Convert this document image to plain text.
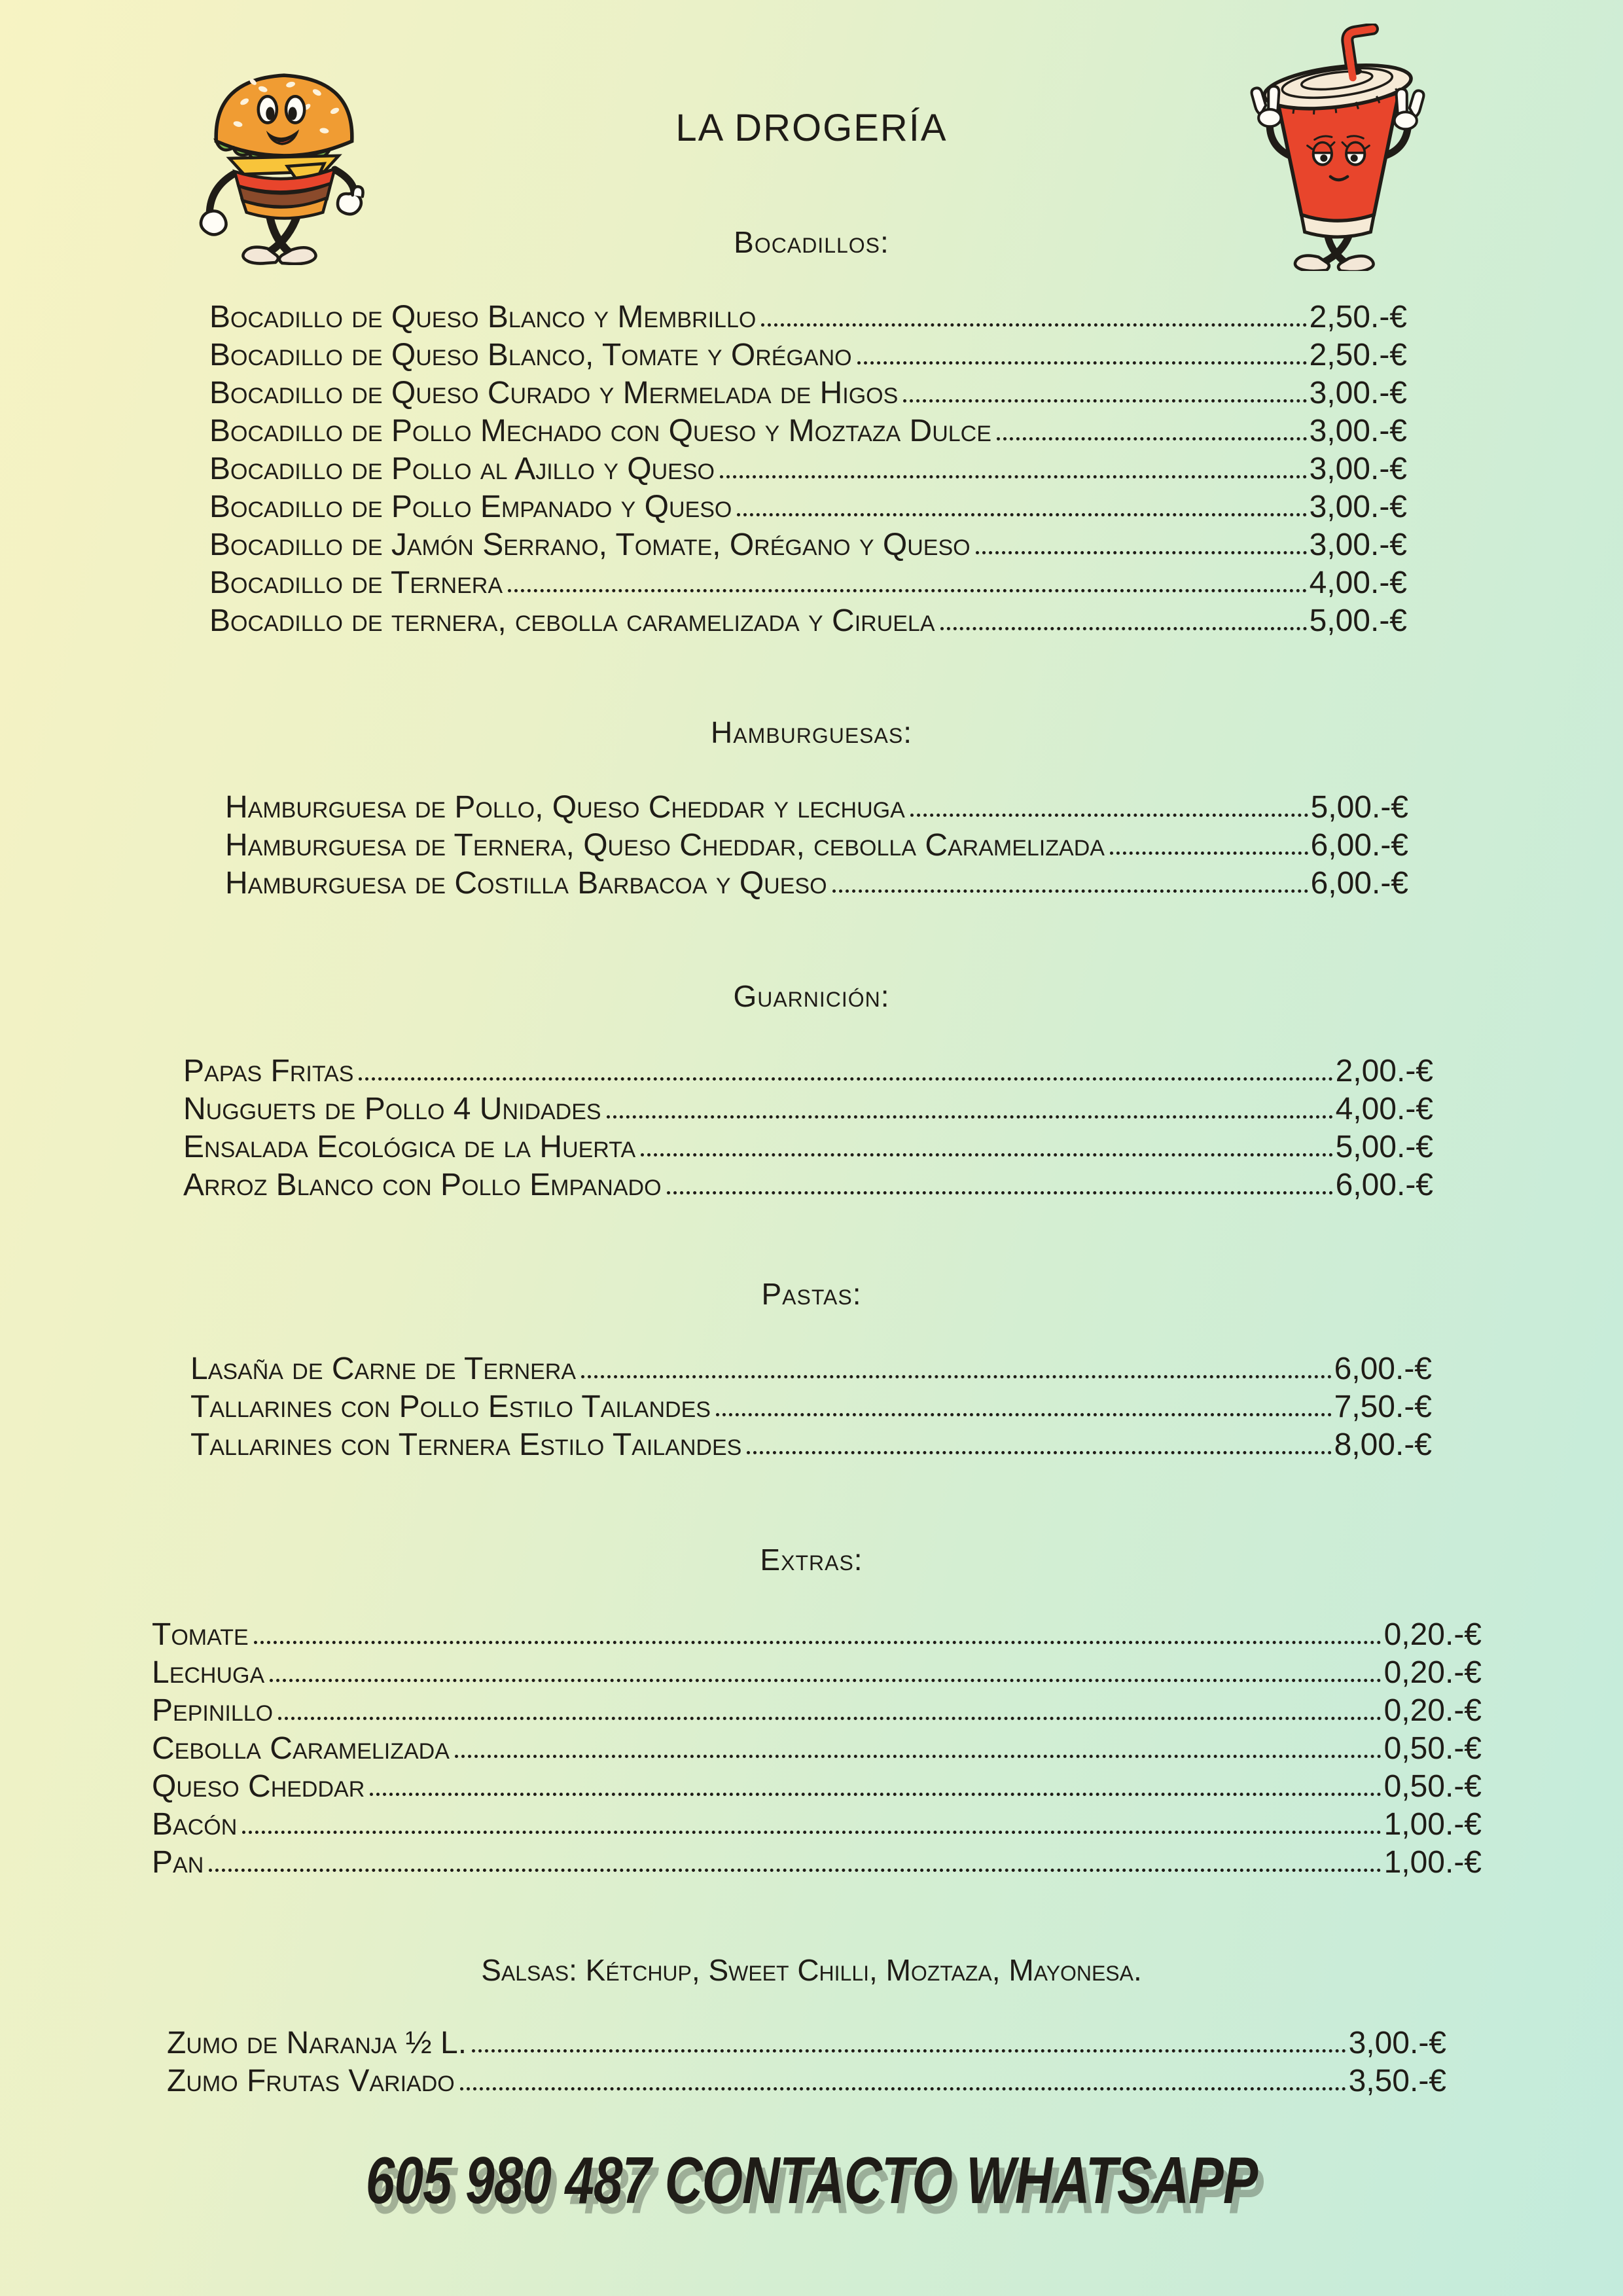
LA DROGERÍA
Bocadillos:
Bocadillo de Queso Blanco y Membrillo	2,50.-€
Bocadillo de Queso Blanco, Tomate y Orégano	2,50.-€
Bocadillo de Queso Curado y Mermelada de Higos	3,00.-€
Bocadillo de Pollo Mechado con Queso y Moztaza Dulce	3,00.-€
Bocadillo de Pollo al Ajillo y Queso	3,00.-€
Bocadillo de Pollo Empanado y Queso	3,00.-€
Bocadillo de Jamón Serrano, Tomate, Orégano y Queso	3,00.-€
Bocadillo de Ternera	4,00.-€
Bocadillo de ternera, cebolla caramelizada y Ciruela	5,00.-€
Hamburguesas:
Hamburguesa de Pollo, Queso Cheddar y lechuga	5,00.-€
Hamburguesa de Ternera, Queso Cheddar, cebolla Caramelizada	6,00.-€
Hamburguesa de Costilla Barbacoa y Queso	6,00.-€
Guarnición:
Papas Fritas	2,00.-€
Nugguets de Pollo 4 Unidades	4,00.-€
Ensalada Ecológica de la Huerta	5,00.-€
Arroz Blanco con Pollo Empanado	6,00.-€
Pastas:
Lasaña de Carne de Ternera	6,00.-€
Tallarines con Pollo Estilo Tailandes	7,50.-€
Tallarines con Ternera Estilo Tailandes	8,00.-€
Extras:
Tomate	0,20.-€
Lechuga	0,20.-€
Pepinillo	0,20.-€
Cebolla Caramelizada	0,50.-€
Queso Cheddar	0,50.-€
Bacón	1,00.-€
Pan	1,00.-€

Salsas: Kétchup, Sweet Chilli, Moztaza, Mayonesa.

Zumo de Naranja ½ L.	3,00.-€
Zumo Frutas Variado	3,50.-€

605 980 487 CONTACTO WHATSAPP
